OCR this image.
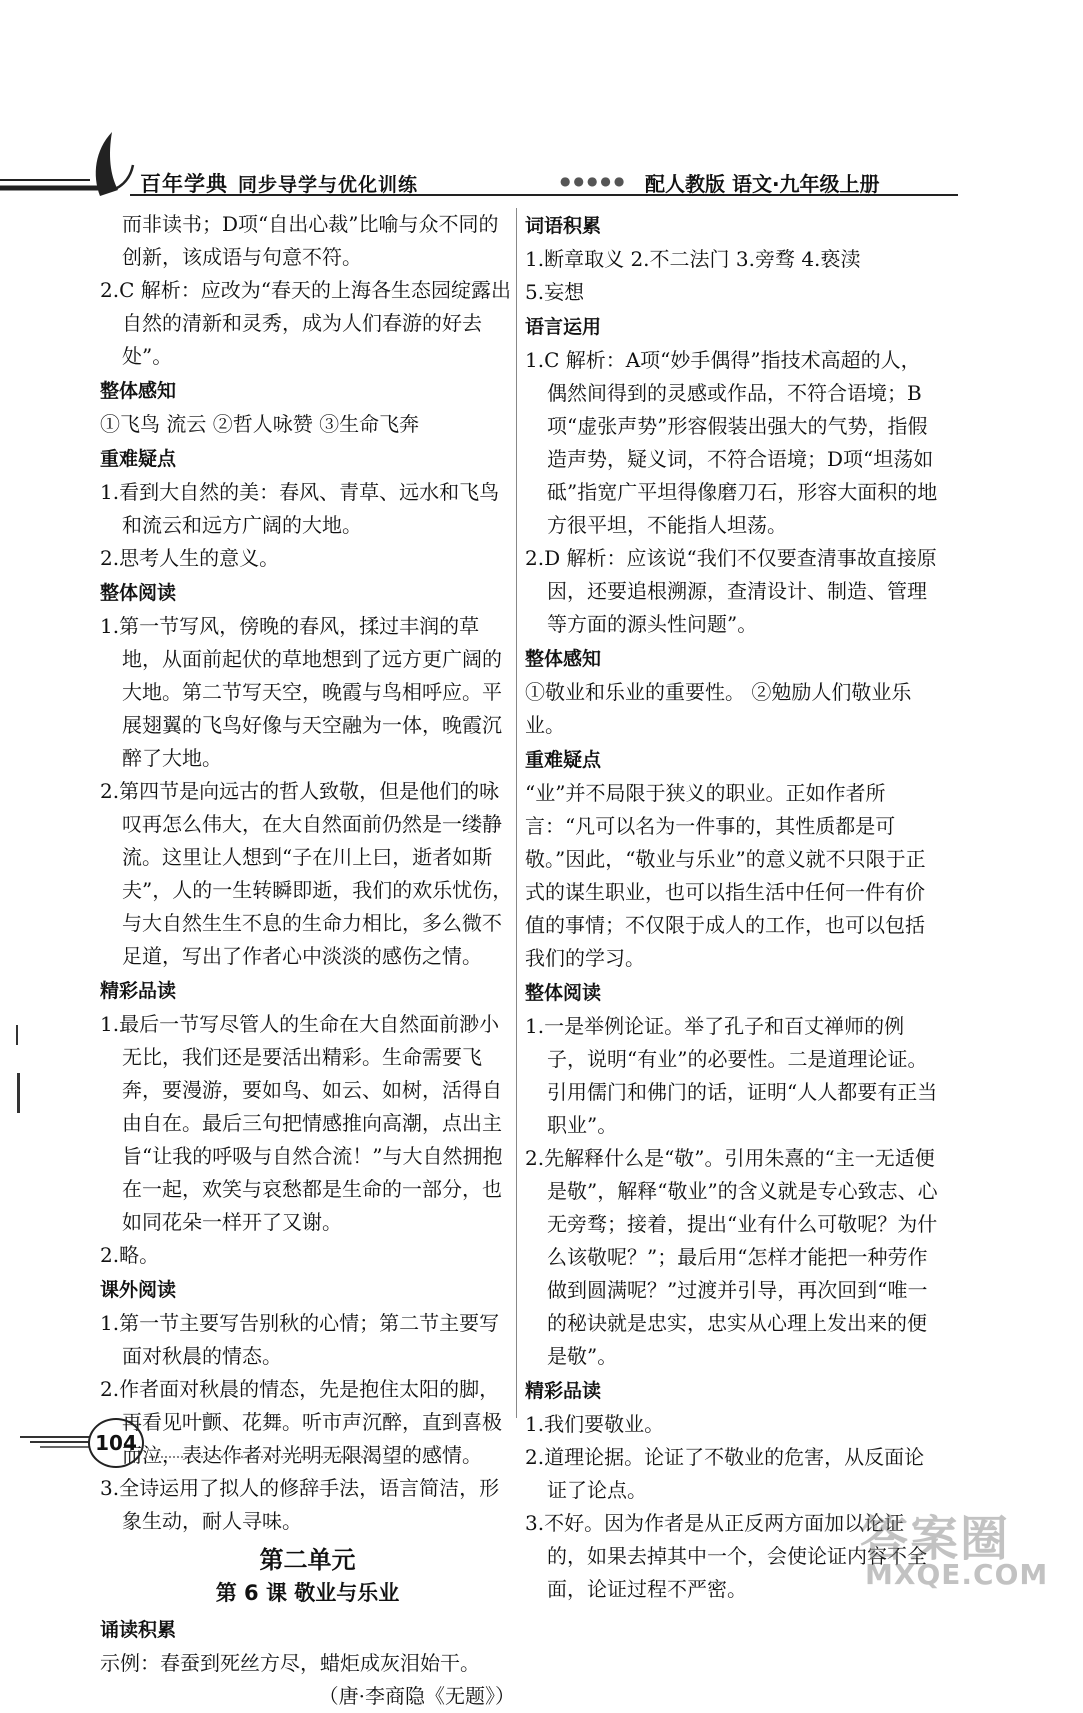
百年学典 同步导学与优化训练	●●●●● 配人教版 语文·九年级上册
而非读书；D项“自出心裁”比喻与众不同的创新，该成语与句意不符。
2.C 解析：应改为“春天的上海各生态园绽露出自然的清新和灵秀，成为人们春游的好去处”。
整体感知
①飞鸟 流云 ②哲人咏赞 ③生命飞奔
重难疑点
1.看到大自然的美：春风、青草、远水和飞鸟和流云和远方广阔的大地。
2.思考人生的意义。
整体阅读
1.第一节写风，傍晚的春风，揉过丰润的草地，从面前起伏的草地想到了远方更广阔的大地。第二节写天空，晚霞与鸟相呼应。平展翅翼的飞鸟好像与天空融为一体，晚霞沉醉了大地。
2.第四节是向远古的哲人致敬，但是他们的咏叹再怎么伟大，在大自然面前仍然是一缕静流。这里让人想到“子在川上曰，逝者如斯夫”，人的一生转瞬即逝，我们的欢乐忧伤，与大自然生生不息的生命力相比，多么微不足道，写出了作者心中淡淡的感伤之情。
精彩品读
1.最后一节写尽管人的生命在大自然面前渺小无比，我们还是要活出精彩。生命需要飞奔，要漫游，要如鸟、如云、如树，活得自由自在。最后三句把情感推向高潮，点出主旨“让我的呼吸与自然合流！”与大自然拥抱在一起，欢笑与哀愁都是生命的一部分，也如同花朵一样开了又谢。
2.略。
课外阅读
1.第一节主要写告别秋的心情；第二节主要写面对秋晨的情态。
2.作者面对秋晨的情态，先是抱住太阳的脚，再看见叶颤、花舞。听市声沉醉，直到喜极而泣，表达作者对光明无限渴望的感情。
3.全诗运用了拟人的修辞手法，语言简洁，形象生动，耐人寻味。
第二单元
第 6 课 敬业与乐业
诵读积累
示例：春蚕到死丝方尽，蜡炬成灰泪始干。
（唐·李商隐《无题》）
词语积累
1.断章取义 2.不二法门 3.旁骛 4.亵渎
5.妄想
语言运用
1.C 解析：A项“妙手偶得”指技术高超的人，偶然间得到的灵感或作品，不符合语境；B项“虚张声势”形容假装出强大的气势，指假造声势，疑义词，不符合语境；D项“坦荡如砥”指宽广平坦得像磨刀石，形容大面积的地方很平坦，不能指人坦荡。
2.D 解析：应该说“我们不仅要查清事故直接原因，还要追根溯源，查清设计、制造、管理等方面的源头性问题”。
整体感知
①敬业和乐业的重要性。 ②勉励人们敬业乐业。
重难疑点
“业”并不局限于狭义的职业。正如作者所言：“凡可以名为一件事的，其性质都是可敬。”因此，“敬业与乐业”的意义就不只限于正式的谋生职业，也可以指生活中任何一件有价值的事情；不仅限于成人的工作，也可以包括我们的学习。
整体阅读
1.一是举例论证。举了孔子和百丈禅师的例子，说明“有业”的必要性。二是道理论证。引用儒门和佛门的话，证明“人人都要有正当职业”。
2.先解释什么是“敬”。引用朱熹的“主一无适便是敬”，解释“敬业”的含义就是专心致志、心无旁骛；接着，提出“业有什么可敬呢？为什么该敬呢？”；最后用“怎样才能把一种劳作做到圆满呢？”过渡并引导，再次回到“唯一的秘诀就是忠实，忠实从心理上发出来的便是敬”。
精彩品读
1.我们要敬业。
2.道理论据。论证了不敬业的危害，从反面论证了论点。
3.不好。因为作者是从正反两方面加以论证的，如果去掉其中一个，会使论证内容不全面，论证过程不严密。
104
答案圈
MXQE.COM
